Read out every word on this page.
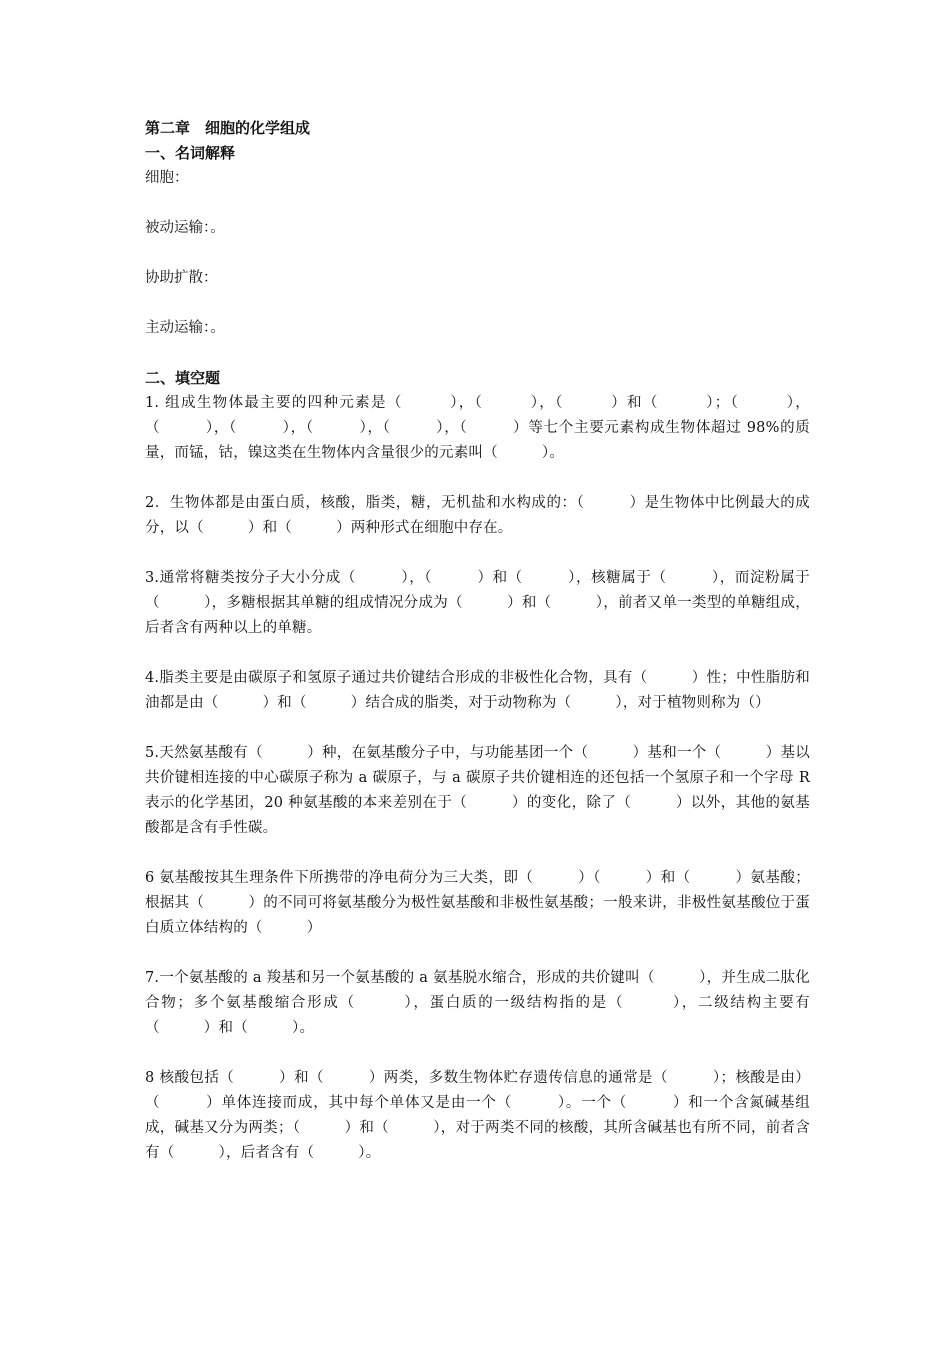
第二章　细胞的化学组成

一、名词解释

细胞：

被动运输：。

协助扩散：

主动运输：。

二、填空题

1. 组成生物体最主要的四种元素是（　　　），（　　　），（　　　）和（　　　）；（　　　），（　　　），（　　　），（　　　），（　　　），（　　　）等七个主要元素构成生物体超过 98%的质量，而锰，钴，镍这类在生物体内含量很少的元素叫（　　　）。

2．生物体都是由蛋白质，核酸，脂类，糖，无机盐和水构成的：（　　　）是生物体中比例最大的成分，以（　　　）和（　　　）两种形式在细胞中存在。

3.通常将糖类按分子大小分成（　　　），（　　　）和（　　　），核糖属于（　　　），而淀粉属于（　　　），多糖根据其单糖的组成情况分成为（　　　）和（　　　），前者又单一类型的单糖组成，后者含有两种以上的单糖。

4.脂类主要是由碳原子和氢原子通过共价键结合形成的非极性化合物，具有（　　　）性；中性脂肪和油都是由（　　　）和（　　　）结合成的脂类，对于动物称为（　　　），对于植物则称为（）

5.天然氨基酸有（　　　）种，在氨基酸分子中，与功能基团一个（　　　）基和一个（　　　）基以共价键相连接的中心碳原子称为 a 碳原子，与 a 碳原子共价键相连的还包括一个氢原子和一个字母 R 表示的化学基团，20 种氨基酸的本来差别在于（　　　）的变化，除了（　　　）以外，其他的氨基酸都是含有手性碳。

6 氨基酸按其生理条件下所携带的净电荷分为三大类，即（　　　）（　　　）和（　　　）氨基酸；根据其（　　　）的不同可将氨基酸分为极性氨基酸和非极性氨基酸；一般来讲，非极性氨基酸位于蛋白质立体结构的（　　　）

7.一个氨基酸的 a 羧基和另一个氨基酸的 a 氨基脱水缩合，形成的共价键叫（　　　），并生成二肽化合物；多个氨基酸缩合形成（　　　），蛋白质的一级结构指的是（　　　），二级结构主要有（　　　）和（　　　）。

8 核酸包括（　　　）和（　　　）两类，多数生物体贮存遗传信息的通常是（　　　）；核酸是由）（　　　）单体连接而成，其中每个单体又是由一个（　　　）。一个（　　　）和一个含氮碱基组成，碱基又分为两类；（　　　）和（　　　），对于两类不同的核酸，其所含碱基也有所不同，前者含有（　　　），后者含有（　　　）。
